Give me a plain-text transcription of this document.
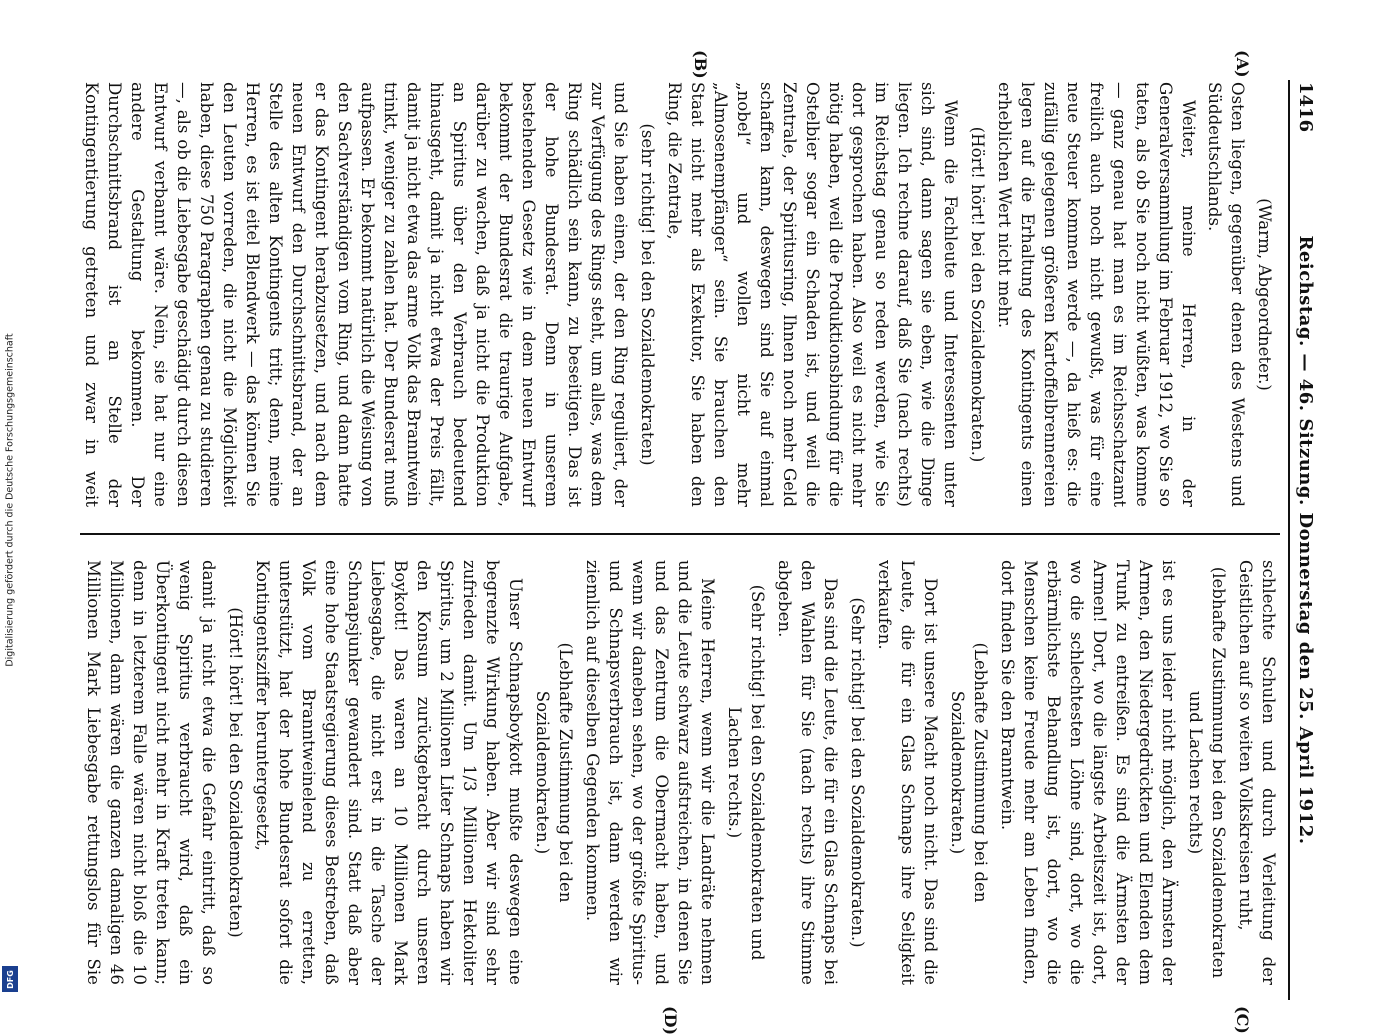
Digitalisierung gefördert durch die Deutsche Forschungsgemeinschaft
DFG
1416
Reichstag. — 46. Sitzung. Donnerstag den 25. April 1912.
(A)
(B)
(C)
(D)

(Warm, Abgeordneter.)

Osten liegen, gegenüber denen des Westens und Süddeutschlands.

Weiter, meine Herren, in der Generalversammlung im Februar 1912, wo Sie so taten, als ob Sie noch nicht wüßten, was komme — ganz genau hat man es im Reichsschatzamt freilich auch noch nicht gewußt, was für eine neue Steuer kommen werde —, da hieß es: die zufällig gelegenen größeren Kartoffelbrennereien legen auf die Erhaltung des Kontingents einen erheblichen Wert nicht mehr.

(Hört! hört! bei den Sozialdemokraten.)

Wenn die Fachleute und Interessenten unter sich sind, dann sagen sie eben, wie die Dinge liegen. Ich rechne darauf, daß Sie (nach rechts) im Reichstag genau so reden werden, wie Sie dort gesprochen haben. Also weil es nicht mehr nötig haben, weil die Produktionsbindung für die Ostelbier sogar ein Schaden ist, und weil die Zentrale, der Spiritusring, Ihnen noch mehr Geld schaffen kann, deswegen sind Sie auf einmal „nobel“ und wollen nicht mehr „Almosenempfänger“ sein. Sie brauchen den Staat nicht mehr als Exekutor, Sie haben den Ring, die Zentrale,

(sehr richtig! bei den Sozialdemokraten)

und Sie haben einen, der den Ring reguliert, der zur Verfügung des Rings steht, um alles, was dem Ring schädlich sein kann, zu beseitigen. Das ist der hohe Bundesrat. Denn in unserem bestehenden Gesetz wie in dem neuen Entwurf bekommt der Bundesrat die traurige Aufgabe, darüber zu wachen, daß ja nicht die Produktion an Spiritus über den Verbrauch bedeutend hinausgeht, damit ja nicht etwa der Preis fällt, damit ja nicht etwa das arme Volk das Branntwein trinkt, weniger zu zahlen hat. Der Bundesrat muß aufpassen. Er bekommt natürlich die Weisung von den Sachverständigen vom Ring, und dann hatte er das Kontingent herabzusetzen, und nach dem neuen Entwurf den Durchschnittsbrand, der an Stelle des alten Kontingents tritt; denn, meine Herren, es ist eitel Blendwerk — das können Sie den Leuten vorreden, die nicht die Möglichkeit haben, diese 750 Paragraphen genau zu studieren —, als ob die Liebesgabe geschädigt durch diesen Entwurf verbannt wäre. Nein, sie hat nur eine andere Gestaltung bekommen. Der Durchschnittsbrand ist an Stelle der Kontingentierung getreten und zwar in weit

schlechte Schulen und durch Verleitung der Geistlichen auf so weiten Volkskreisen ruht,

(lebhafte Zustimmung bei den Sozialdemokraten und Lachen rechts)

ist es uns leider nicht möglich, den Ärmsten der Armen, den Niedergedrückten und Elenden dem Trunk zu entreißen. Es sind die Ärmsten der Armen! Dort, wo die längste Arbeitszeit ist, dort, wo die schlechtesten Löhne sind, dort, wo die erbärmlichste Behandlung ist, dort, wo die Menschen keine Freude mehr am Leben finden, dort finden Sie den Branntwein.

(Lebhafte Zustimmung bei den Sozialdemokraten.)

Dort ist unsere Macht noch nicht. Das sind die Leute, die für ein Glas Schnaps ihre Seligkeit verkaufen.

(Sehr richtig! bei den Sozialdemokraten.)

Das sind die Leute, die für ein Glas Schnaps bei den Wahlen für Sie (nach rechts) ihre Stimme abgeben.

(Sehr richtig! bei den Sozialdemokraten und Lachen rechts.)

Meine Herren, wenn wir die Landräte nehmen und die Leute schwarz aufstreichen, in denen Sie und das Zentrum die Obermacht haben, und wenn wir daneben sehen, wo der größte Spiritus- und Schnapsverbrauch ist, dann werden wir ziemlich auf dieselben Gegenden kommen.

(Lebhafte Zustimmung bei den Sozialdemokraten.)

Unser Schnapsboykott mußte deswegen eine begrenzte Wirkung haben. Aber wir sind sehr zufrieden damit. Um 1/3 Millionen Hektoliter Spiritus, um 2 Millionen Liter Schnaps haben wir den Konsum zurückgebracht durch unseren Boykott! Das waren an 10 Millionen Mark Liebesgabe, die nicht erst in die Tasche der Schnapsjunker gewandert sind. Statt daß aber eine hohe Staatsregierung dieses Bestreben, daß Volk vom Branntweinelend zu erretten, unterstützt, hat der hohe Bundesrat sofort die Kontingentsziffer heruntergesetzt,

(Hört! hört! bei den Sozialdemokraten)

damit ja nicht etwa die Gefahr eintritt, daß so wenig Spiritus verbraucht wird, daß ein Überkontingent nicht mehr in Kraft treten kann; denn in letzterem Falle wären nicht bloß die 10 Millionen, dann wären die ganzen damaligen 46 Millionen Mark Liebesgabe rettungslos für Sie
